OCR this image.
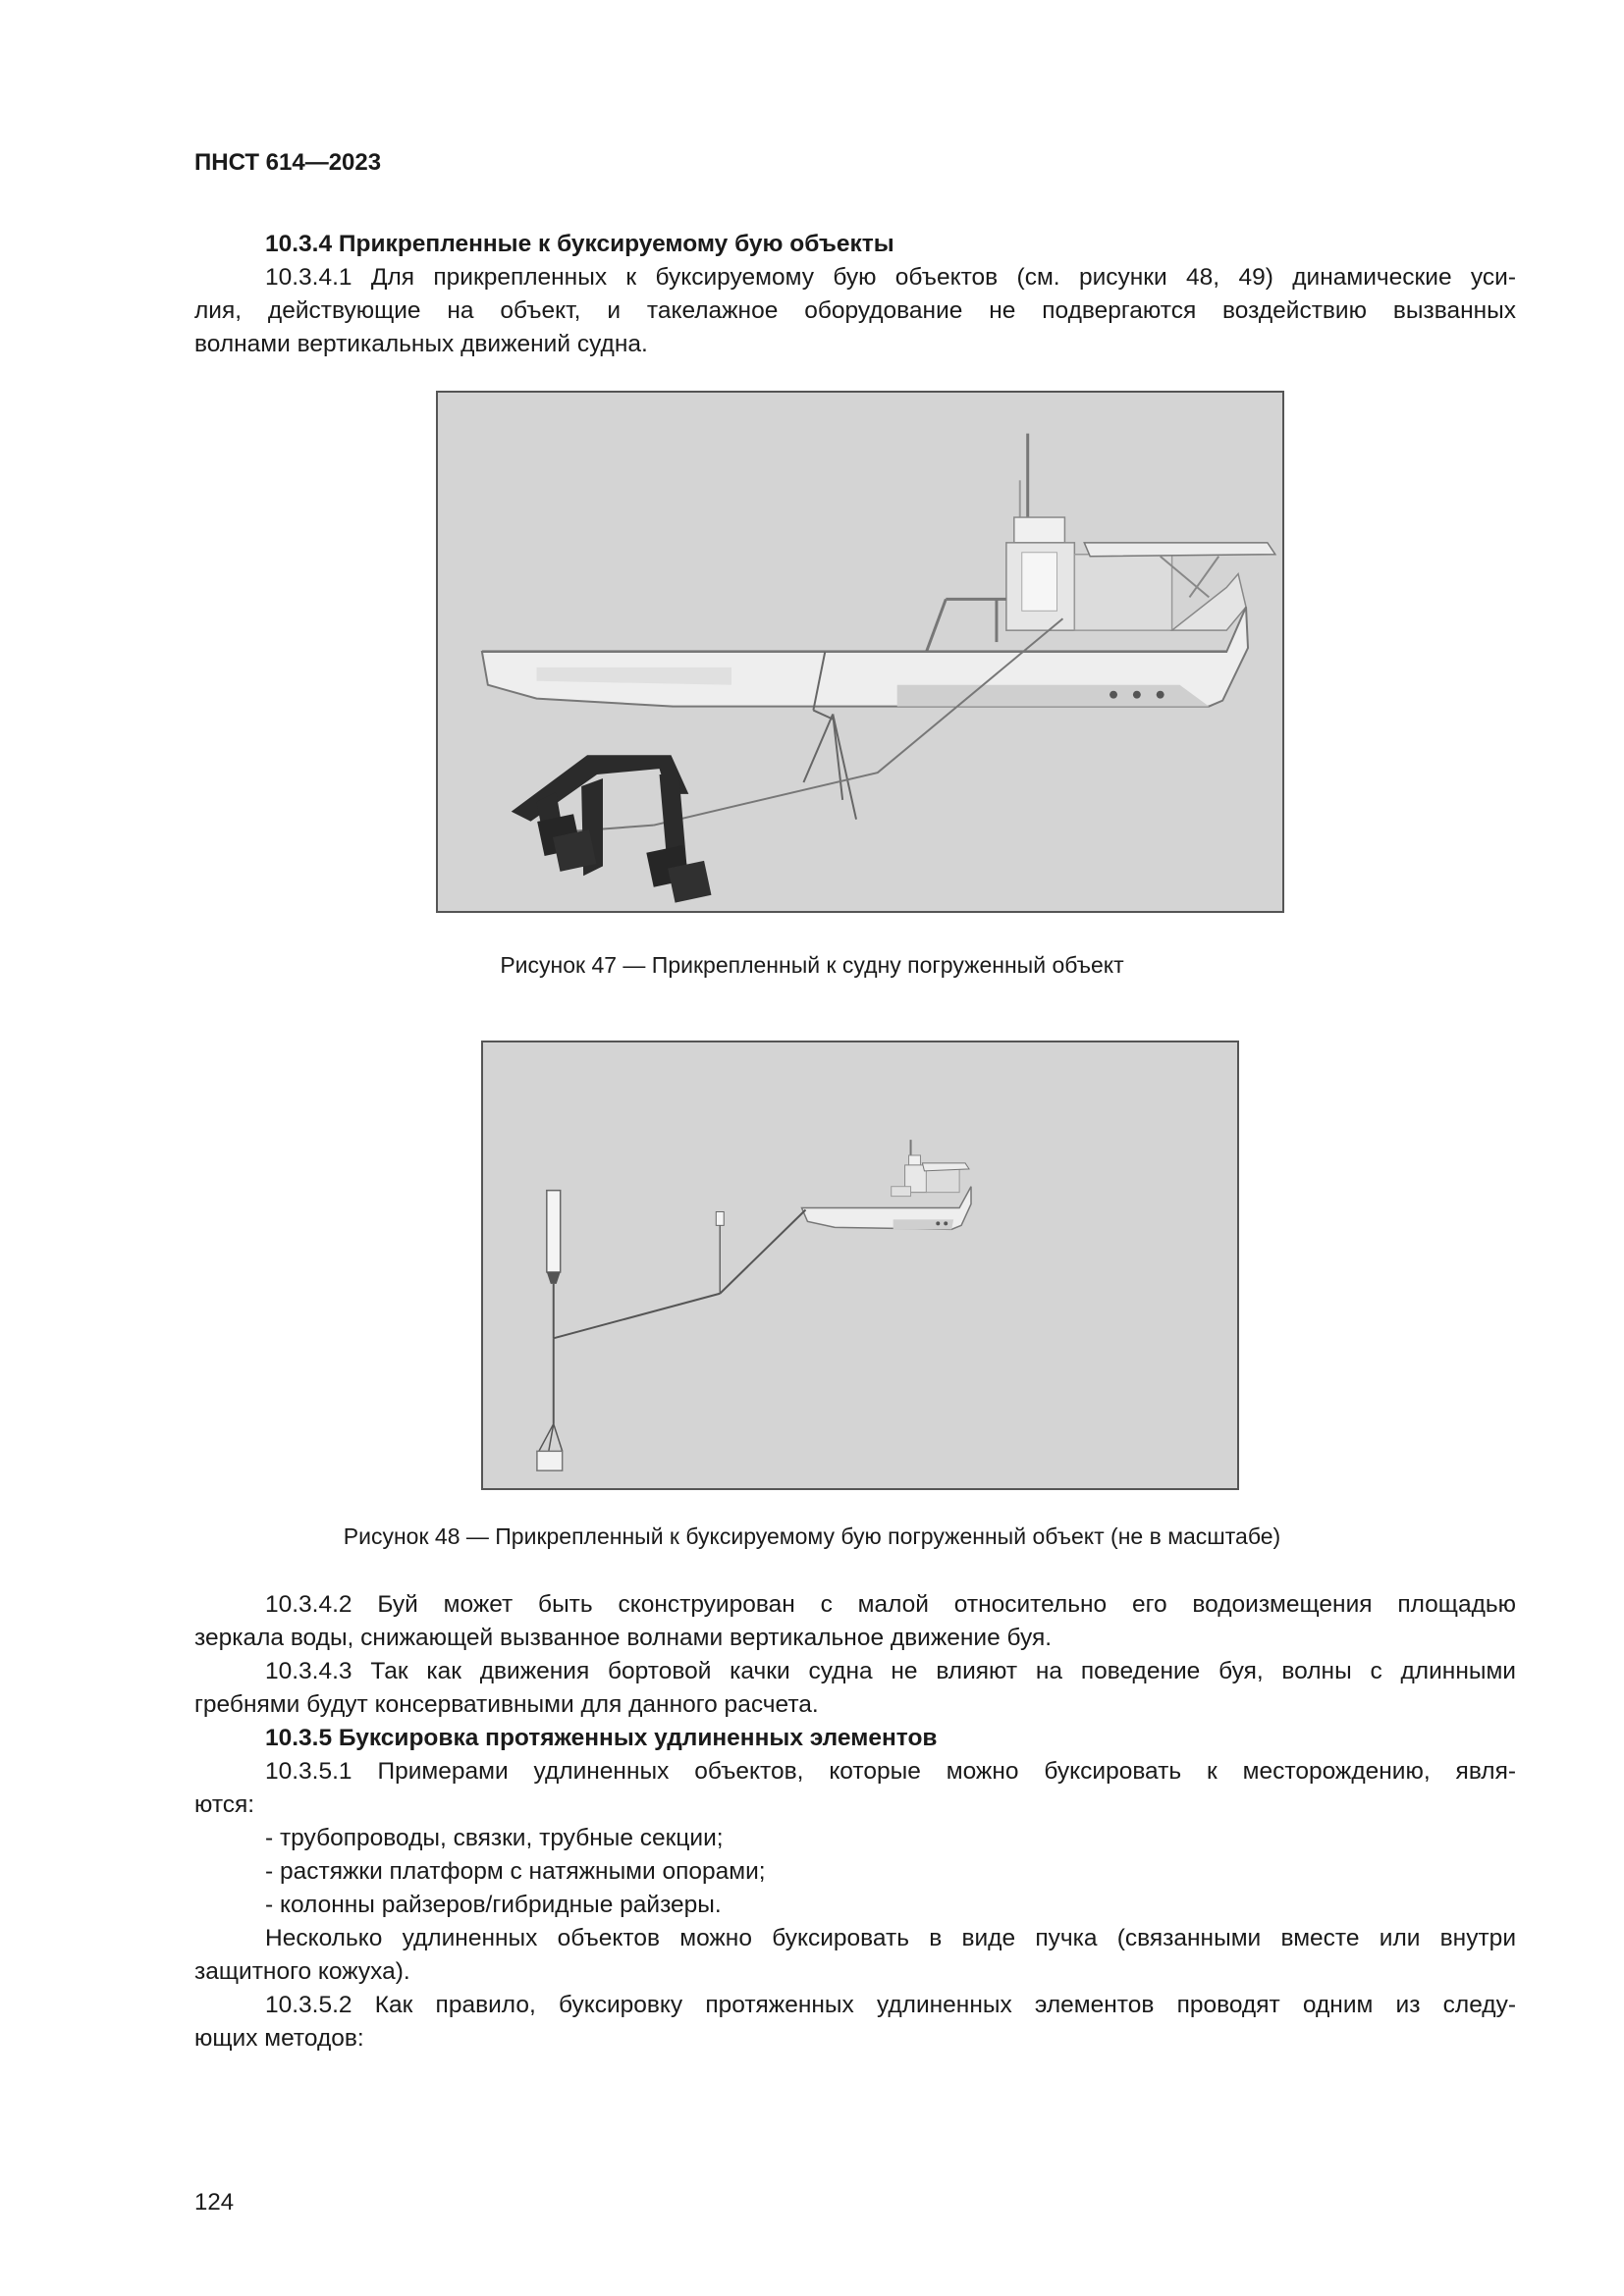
ПНСТ 614—2023
10.3.4 Прикрепленные к буксируемому бую объекты
10.3.4.1 Для прикрепленных к буксируемому бую объектов (см. рисунки 48, 49) динамические уси-
лия, действующие на объект, и такелажное оборудование не подвергаются воздействию вызванных
волнами вертикальных движений судна.
Рисунок 47 — Прикрепленный к судну погруженный объект
Рисунок 48 — Прикрепленный к буксируемому бую погруженный объект (не в масштабе)
10.3.4.2 Буй может быть сконструирован с малой относительно его водоизмещения площадью
зеркала воды, снижающей вызванное волнами вертикальное движение буя.
10.3.4.3 Так как движения бортовой качки судна не влияют на поведение буя, волны с длинными
гребнями будут консервативными для данного расчета.
10.3.5 Буксировка протяженных удлиненных элементов
10.3.5.1 Примерами удлиненных объектов, которые можно буксировать к месторождению, явля-
ются:
- трубопроводы, связки, трубные секции;
- растяжки платформ с натяжными опорами;
- колонны райзеров/гибридные райзеры.
Несколько удлиненных объектов можно буксировать в виде пучка (связанными вместе или внутри
защитного кожуха).
10.3.5.2 Как правило, буксировку протяженных удлиненных элементов проводят одним из следу-
ющих методов:
124
